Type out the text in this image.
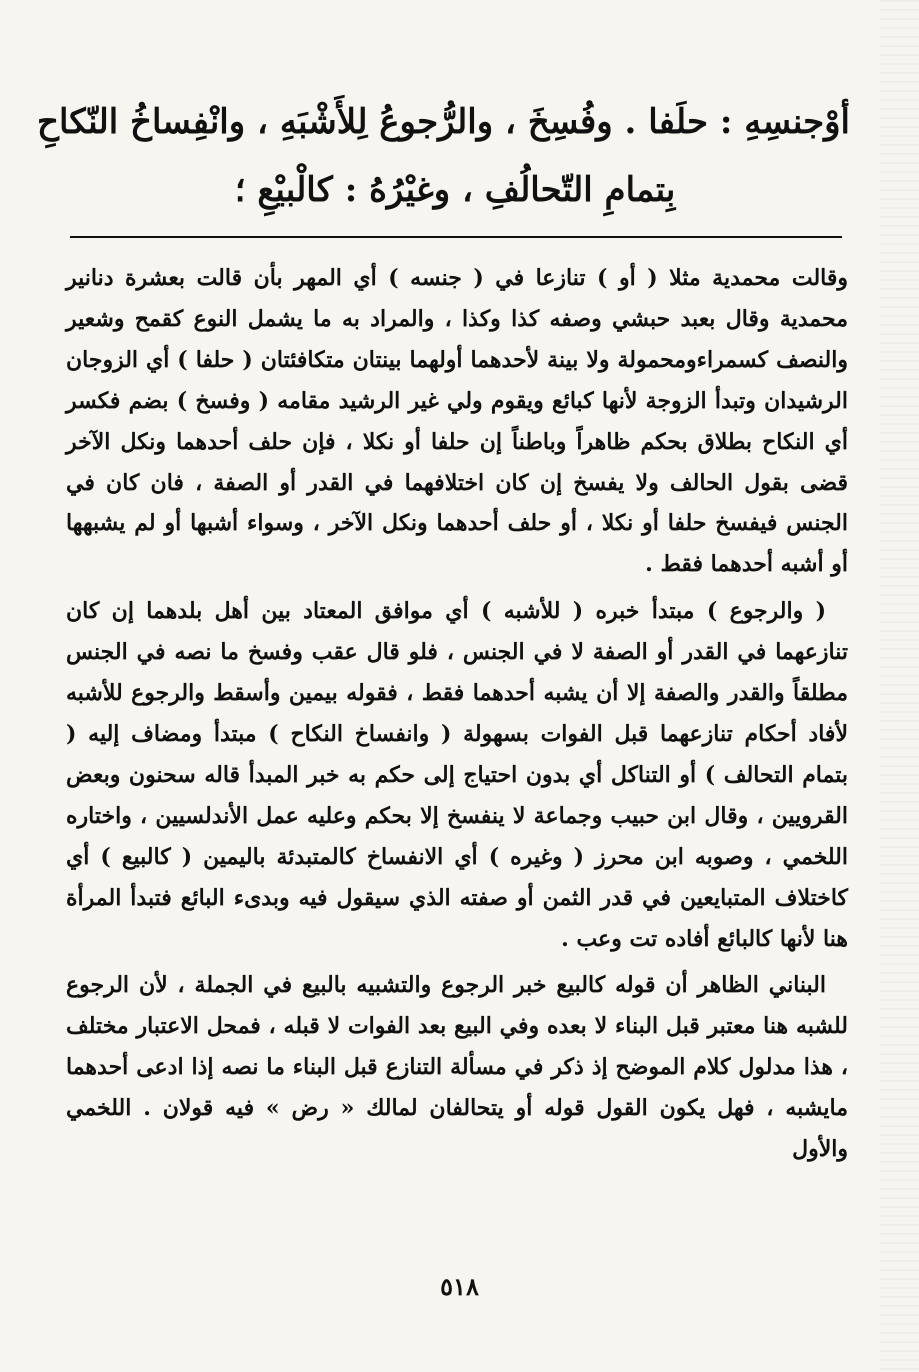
أوْجنسِهِ : حلَفا . وفُسِخَ ، والرُّجوعُ لِلأَشْبَهِ ، وانْفِساخُ النّكاحِ
بِتمامِ التّحالُفِ ، وغيْرُهُ : كالْبيْعِ ؛

وقالت محمدية مثلا ( أو ) تنازعا في ( جنسه ) أي المهر بأن قالت بعشرة دنانير محمدية وقال بعبد حبشي وصفه كذا وكذا ، والمراد به ما يشمل النوع كقمح وشعير والنصف كسمراءومحمولة ولا بينة لأحدهما أولهما بينتان متكافئتان ( حلفا ) أي الزوجان الرشيدان وتبدأ الزوجة لأنها كبائع ويقوم ولي غير الرشيد مقامه ( وفسخ ) بضم فكسر أي النكاح بطلاق بحكم ظاهراً وباطناً إن حلفا أو نكلا ، فإن حلف أحدهما ونكل الآخر قضى بقول الحالف ولا يفسخ إن كان اختلافهما في القدر أو الصفة ، فان كان في الجنس فيفسخ حلفا أو نكلا ، أو حلف أحدهما ونكل الآخر ، وسواء أشبها أو لم يشبهها أو أشبه أحدهما فقط .

( والرجوع ) مبتدأ خبره ( للأشبه ) أي موافق المعتاد بين أهل بلدهما إن كان تنازعهما في القدر أو الصفة لا في الجنس ، فلو قال عقب وفسخ ما نصه في الجنس مطلقاً والقدر والصفة إلا أن يشبه أحدهما فقط ، فقوله بيمين وأسقط والرجوع للأشبه لأفاد أحكام تنازعهما قبل الفوات بسهولة ( وانفساخ النكاح ) مبتدأ ومضاف إليه ( بتمام التحالف ) أو التناكل أي بدون احتياج إلى حكم به خبر المبدأ قاله سحنون وبعض القرويين ، وقال ابن حبيب وجماعة لا ينفسخ إلا بحكم وعليه عمل الأندلسيين ، واختاره اللخمي ، وصوبه ابن محرز ( وغيره ) أي الانفساخ كالمتبدئة باليمين ( كالبيع ) أي كاختلاف المتبايعين في قدر الثمن أو صفته الذي سيقول فيه وبدىء البائع فتبدأ المرأة هنا لأنها كالبائع أفاده تت وعب .

البناني الظاهر أن قوله كالبيع خبر الرجوع والتشبيه بالبيع في الجملة ، لأن الرجوع للشبه هنا معتبر قبل البناء لا بعده وفي البيع بعد الفوات لا قبله ، فمحل الاعتبار مختلف ، هذا مدلول كلام الموضح إذ ذكر في مسألة التنازع قبل البناء ما نصه إذا ادعى أحدهما مايشبه ، فهل يكون القول قوله أو يتحالفان لمالك « رض » فيه قولان . اللخمي والأول

٥١٨
